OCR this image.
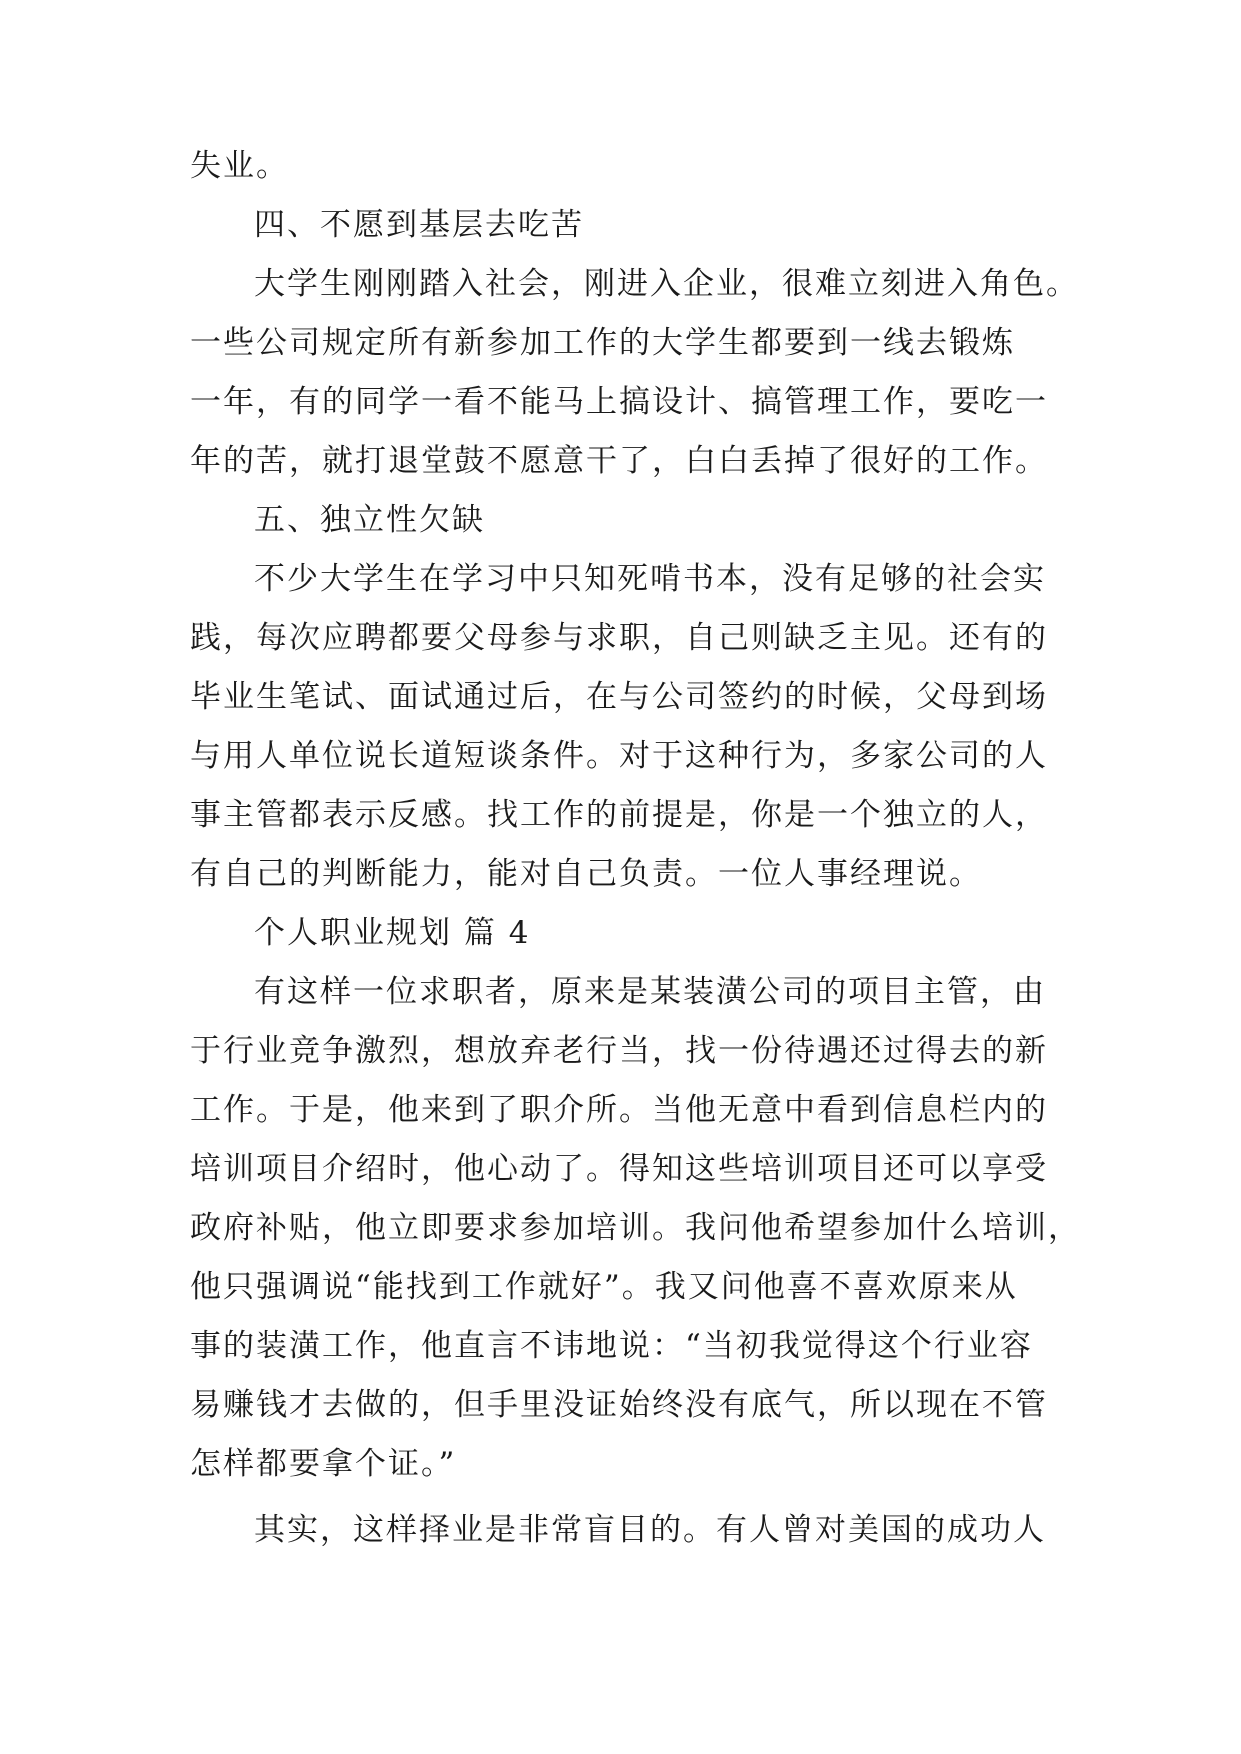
失业。

四、不愿到基层去吃苦

大学生刚刚踏入社会，刚进入企业，很难立刻进入角色。

一些公司规定所有新参加工作的大学生都要到一线去锻炼

一年，有的同学一看不能马上搞设计、搞管理工作，要吃一

年的苦，就打退堂鼓不愿意干了，白白丢掉了很好的工作。

五、独立性欠缺

不少大学生在学习中只知死啃书本，没有足够的社会实

践，每次应聘都要父母参与求职，自己则缺乏主见。还有的

毕业生笔试、面试通过后，在与公司签约的时候，父母到场

与用人单位说长道短谈条件。对于这种行为，多家公司的人

事主管都表示反感。找工作的前提是，你是一个独立的人，

有自己的判断能力，能对自己负责。一位人事经理说。

个人职业规划 篇 4

有这样一位求职者，原来是某装潢公司的项目主管，由

于行业竞争激烈，想放弃老行当，找一份待遇还过得去的新

工作。于是，他来到了职介所。当他无意中看到信息栏内的

培训项目介绍时，他心动了。得知这些培训项目还可以享受

政府补贴，他立即要求参加培训。我问他希望参加什么培训，

他只强调说“能找到工作就好”。我又问他喜不喜欢原来从

事的装潢工作，他直言不讳地说：“当初我觉得这个行业容

易赚钱才去做的，但手里没证始终没有底气，所以现在不管

怎样都要拿个证。”

其实，这样择业是非常盲目的。有人曾对美国的成功人
